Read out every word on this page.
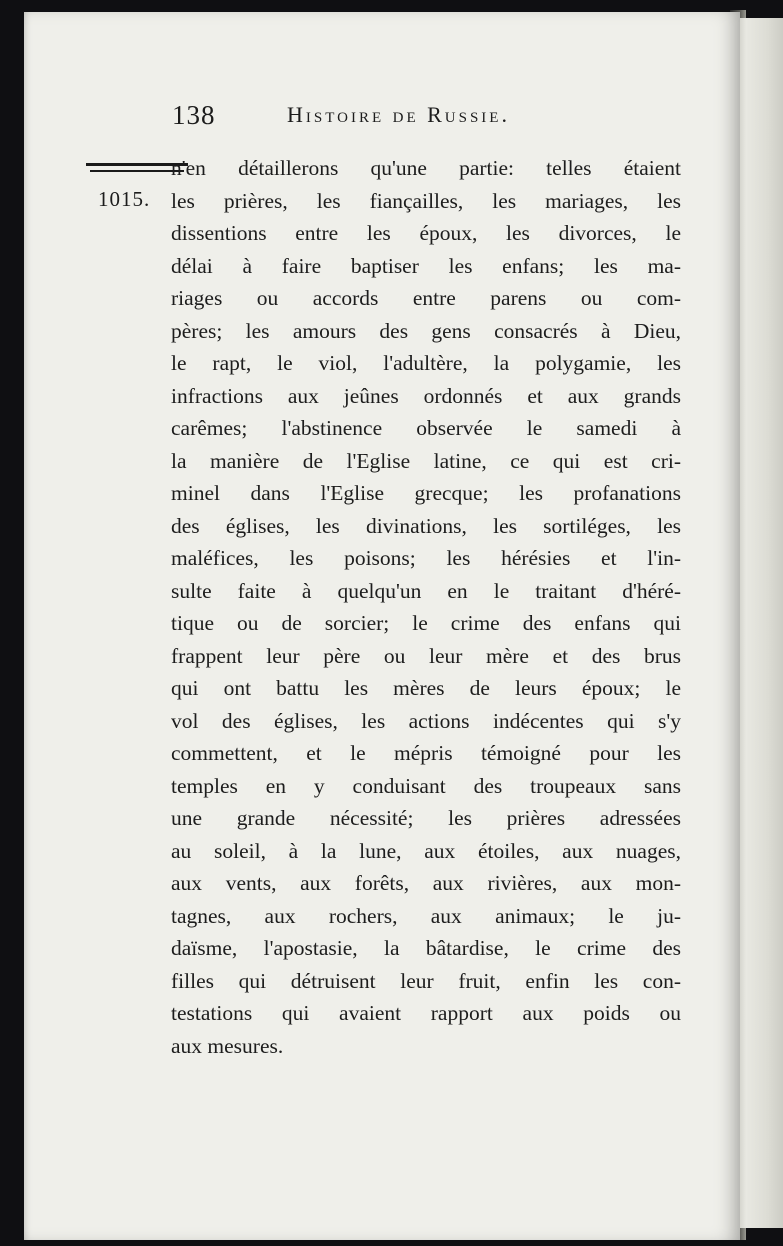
138	Histoire de Russie.
1015.
n'en détaillerons qu'une partie: telles étaient
les prières, les fiançailles, les mariages, les
dissentions entre les époux, les divorces, le
délai à faire baptiser les enfans; les ma-
riages ou accords entre parens ou com-
pères; les amours des gens consacrés à Dieu,
le rapt, le viol, l'adultère, la polygamie, les
infractions aux jeûnes ordonnés et aux grands
carêmes; l'abstinence observée le samedi à
la manière de l'Eglise latine, ce qui est cri-
minel dans l'Eglise grecque; les profanations
des églises, les divinations, les sortiléges, les
maléfices, les poisons; les hérésies et l'in-
sulte faite à quelqu'un en le traitant d'héré-
tique ou de sorcier; le crime des enfans qui
frappent leur père ou leur mère et des brus
qui ont battu les mères de leurs époux; le
vol des églises, les actions indécentes qui s'y
commettent, et le mépris témoigné pour les
temples en y conduisant des troupeaux sans
une grande nécessité; les prières adressées
au soleil, à la lune, aux étoiles, aux nuages,
aux vents, aux forêts, aux rivières, aux mon-
tagnes, aux rochers, aux animaux; le ju-
daïsme, l'apostasie, la bâtardise, le crime des
filles qui détruisent leur fruit, enfin les con-
testations qui avaient rapport aux poids ou
aux mesures.
